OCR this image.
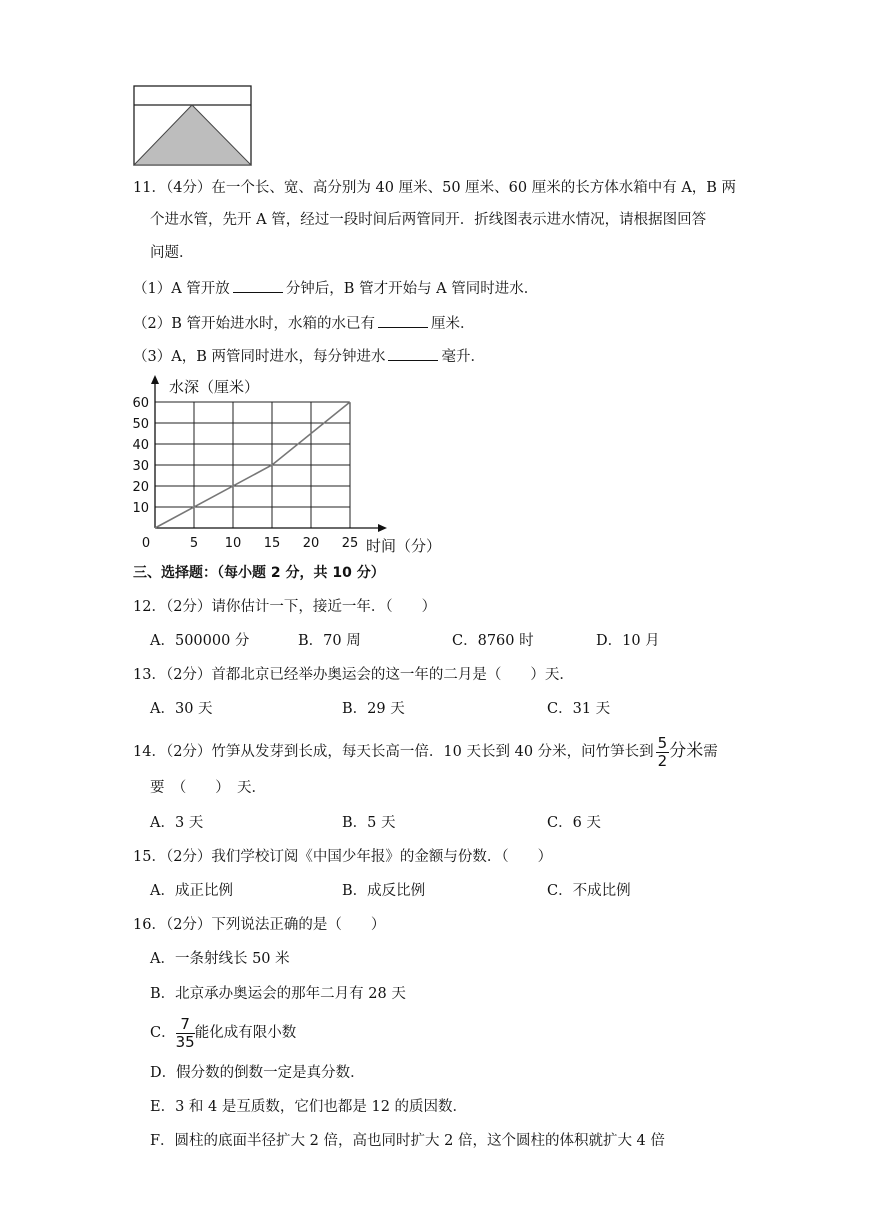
11．（4分）在一个长、宽、高分别为 40 厘米、50 厘米、60 厘米的长方体水箱中有 A，B 两
个进水管，先开 A 管，经过一段时间后两管同开．折线图表示进水情况，请根据图回答
问题．
（1）A 管开放	分钟后，B 管才开始与 A 管同时进水．
（2）B 管开始进水时，水箱的水已有	厘米．
（3）A，B 两管同时进水，每分钟进水	毫升．
水深（厘米）
时间（分）
10
20
30
40
50
60
0	5 10 15 20 25
三、选择题：（每小题 2 分，共 10 分）
12．（2分）请你估计一下，接近一年．（　　）
A．500000 分	B．70 周	C．8760 时	D．10 月
13．（2分）首都北京已经举办奥运会的这一年的二月是（　　）天．
A．30 天	B．29 天	C．31 天
14．（2分）竹笋从发芽到长成，每天长高一倍．10 天长到 40 分米，问竹笋长到 $\frac{5}{2}$ 分米需
要　（　　）　天．
A．3 天	B．5 天	C．6 天
15．（2分）我们学校订阅《中国少年报》的金额与份数．（　　）
A．成正比例	B．成反比例	C．不成比例
16．（2分）下列说法正确的是（　　）
A．一条射线长 50 米
B．北京承办奥运会的那年二月有 28 天
C． $\frac{7}{35}$ 能化成有限小数
D．假分数的倒数一定是真分数．
E．3 和 4 是互质数，它们也都是 12 的质因数．
F．圆柱的底面半径扩大 2 倍，高也同时扩大 2 倍，这个圆柱的体积就扩大 4 倍
